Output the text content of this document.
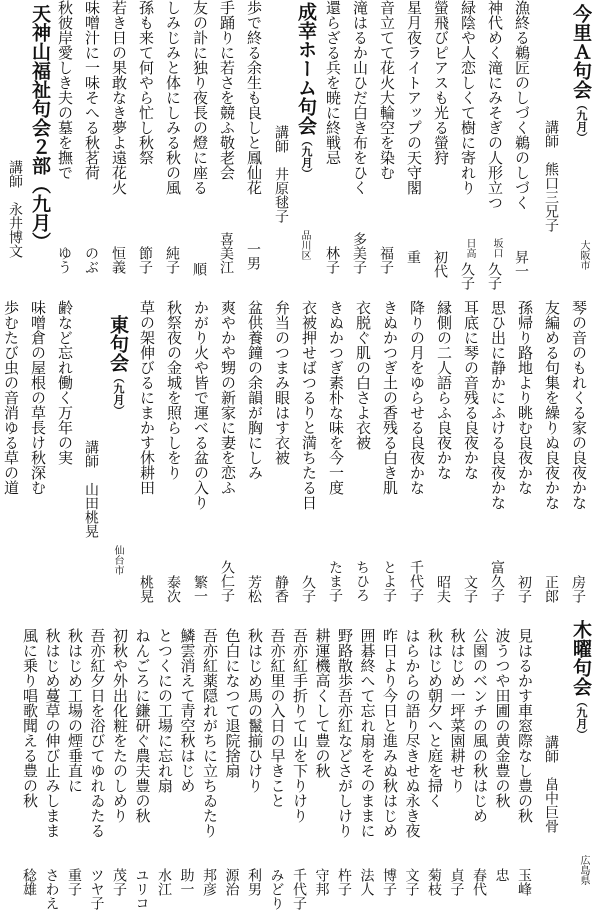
今里Ａ句会（九月）
講師　熊口三兄子
大阪市
漁終る鵜匠のしづく鵜のしづく
昇一
神代めく滝にみそぎの人形立つ
坂口
久子
緑陰や人恋しくて樹に寄れり
日高
久子
螢飛びピアスも光る螢狩
初代
星月夜ライトアップの天守閣
重
音立てて花火大輪空を染む
福子
滝はるか山ひだ白き布をひく
多美子
還らざる兵を暁に終戦忌
林子
成幸ホーム句会（九月）
講師　井原毬子
品川区
歩で終る余生も良しと鳳仙花
一男
手踊りに若さを競ふ敬老会
喜美江
友の訃に独り夜長の燈に座る
順
しみじみと体にしみる秋の風
純子
孫も来て何やら忙し秋祭
節子
若き日の果敢なき夢よ遠花火
恒義
味噌汁に一味そへる秋茗荷
のぶ
秋彼岸愛しき夫の墓を撫で
ゆう
琴の音のもれくる家の良夜かな
房子
友編める句集を繰りぬ良夜かな
正郎
孫帰り路地より眺む良夜かな
初子
思ひ出に静かにふける良夜かな
富久子
耳底に琴の音残る良夜かな
文子
縁側の二人語らふ良夜かな
昭夫
降りの月をゆらせる良夜かな
千代子
きぬかつぎ土の香残る白き肌
とよ子
衣脱ぐ肌の白さよ衣被
ちひろ
きぬかつぎ素朴な味を今一度
たま子
衣被押せばつるりと満ちたる日
久子
弁当のつまみ眼はす衣被
静香
盆供養鐘の余韻が胸にしみ
芳松
爽やかや甥の新家に妻を恋ふ
久仁子
かがり火や皆で運べる盆の入り
繁一
秋祭夜の金城を照らしをり
泰次
草の架伸びるにまかす休耕田
桃晃
東句会（九月）
講師　山田桃晃
仙台市
木曜句会（九月）
講師　畠中巨骨
広島県
天神山福祉句会２部（九月）
講師　永井博文
齢など忘れ働く万年の実
味噌倉の屋根の草長け秋深む
歩むたび虫の音消ゆる草の道
見はるかす車窓際なし豊の秋
玉峰
波うつや田圃の黄金豊の秋
忠
公園のベンチの風の秋はじめ
春代
秋はじめ一坪菜園耕せり
貞子
秋はじめ朝夕へと庭を掃く
菊枝
はらからの語り尽きせぬ永き夜
文子
昨日より今日と進みぬ秋はじめ
博子
囲碁終へて忘れ扇をそのままに
法人
野路散歩吾亦紅などさがしけり
杵子
耕運機高くして豊の秋
守邦
吾亦紅手折りて山を下りけり
千代子
吾亦紅里の入日の早きこと
みどり
秋はじめ馬の鬣揃ひけり
利男
色白になつて退院捨扇
源治
吾亦紅薬隠れがちに立ちゐたり
邦彦
鱗雲消えて青空秋はじめ
助一
とつくにの工場に忘れ扇
水江
ねんごろに鎌研ぐ農夫豊の秋
ユリコ
初秋や外出化粧をたのしめり
茂子
吾亦紅夕日を浴びてゆれゐたる
ツヤ子
秋はじめ工場の煙垂直に
重子
秋はじめ蔓草の伸び止みしまま
さわえ
風に乗り唱歌聞える豊の秋
稔雄
